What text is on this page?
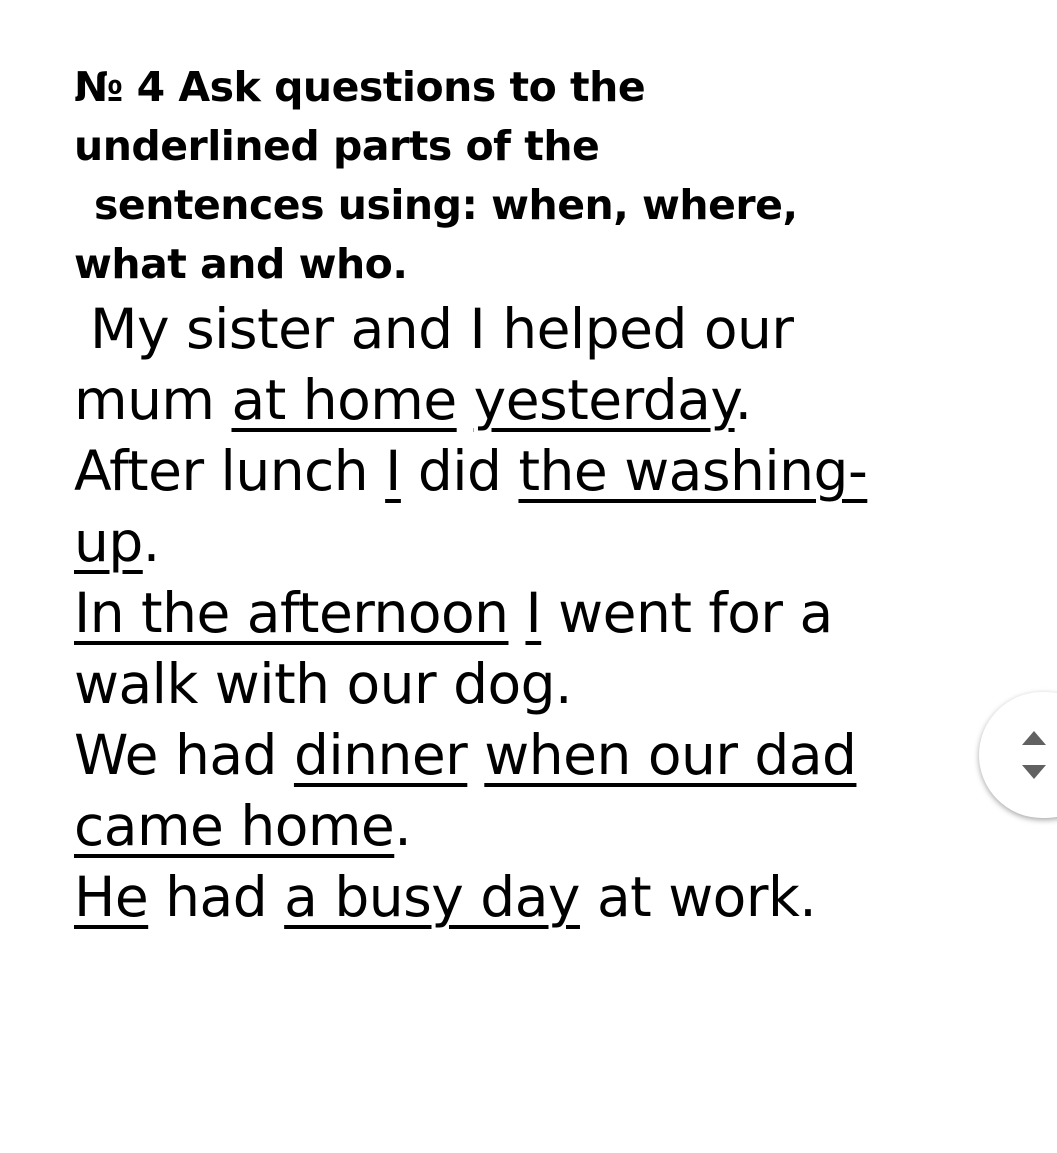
№ 4 Ask questions to the
underlined parts of the
sentences using: when, where,
what and who.

My sister and I helped our
mum at home yesterday.
After lunch I did the washing-
up.
In the afternoon I went for a
walk with our dog.
We had dinner when our dad
came home.
He had a busy day at work.
